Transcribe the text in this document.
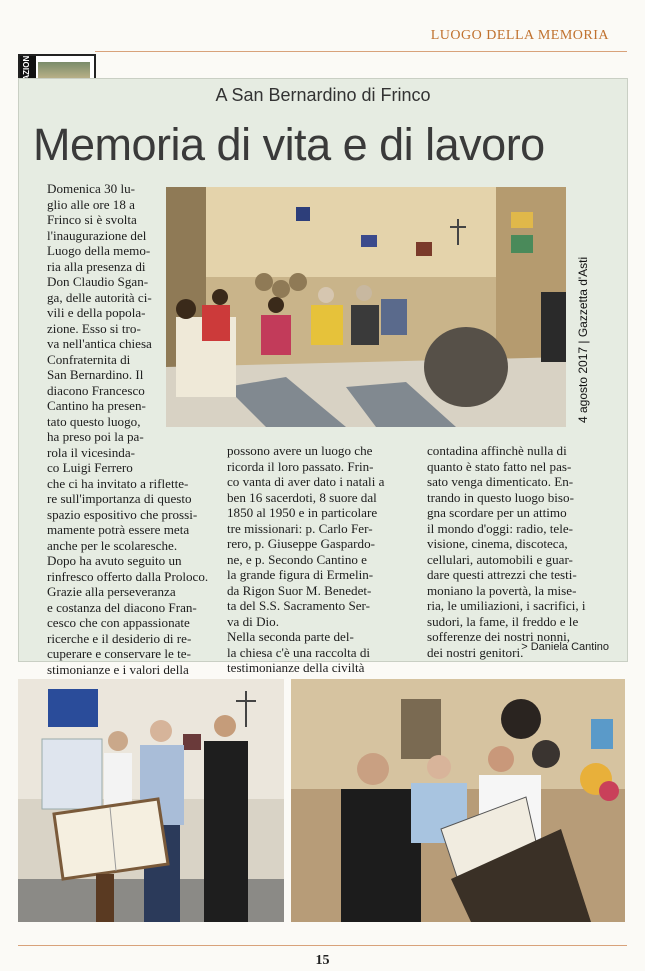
LUOGO DELLA MEMORIA
A San Bernardino di Frinco
Memoria di vita e di lavoro
4 agosto 2017 | Gazzetta d'Asti
Domenica 30 lu-
glio alle ore 18 a
Frinco si è svolta
l'inaugurazione del
Luogo della memo-
ria alla presenza di
Don Claudio Sgan-
ga, delle autorità ci-
vili e della popola-
zione. Esso si tro-
va nell'antica chiesa
Confraternita di
San Bernardino. Il
diacono Francesco
Cantino ha presen-
tato questo luogo,
ha preso poi la pa-
rola il vicesinda-
co Luigi Ferrero
che ci ha invitato a riflette-
re sull'importanza di questo
spazio espositivo che prossi-
mamente potrà essere meta
anche per le scolaresche.
Dopo ha avuto seguito un
rinfresco offerto dalla Proloco.
Grazie alla perseveranza
e costanza del diacono Fran-
cesco che con appassionate
ricerche e il desiderio di re-
cuperare e conservare le te-
stimonianze e i valori della

possono avere un luogo che
ricorda il loro passato. Frin-
co vanta di aver dato i natali a
ben 16 sacerdoti, 8 suore dal
1850 al 1950 e in particolare
tre missionari: p. Carlo Fer-
rero, p. Giuseppe Gaspardo-
ne, e p. Secondo Cantino e
la grande figura di Ermelin-
da Rigon Suor M. Benedet-
ta del S.S. Sacramento Ser-
va di Dio.
Nella seconda parte del-
la chiesa c'è una raccolta di
testimonianze della civiltà
contadina affinchè nulla di
quanto è stato fatto nel pas-
sato venga dimenticato. En-
trando in questo luogo biso-
gna scordare per un attimo
il mondo d'oggi: radio, tele-
visione, cinema, discoteca,
cellulari, automobili e guar-
dare questi attrezzi che testi-
moniano la povertà, la mise-
ria, le umiliazioni, i sacrifici, i
sudori, la fame, il freddo e le
sofferenze dei nostri nonni,
dei nostri genitori.
> Daniela Cantino
15
